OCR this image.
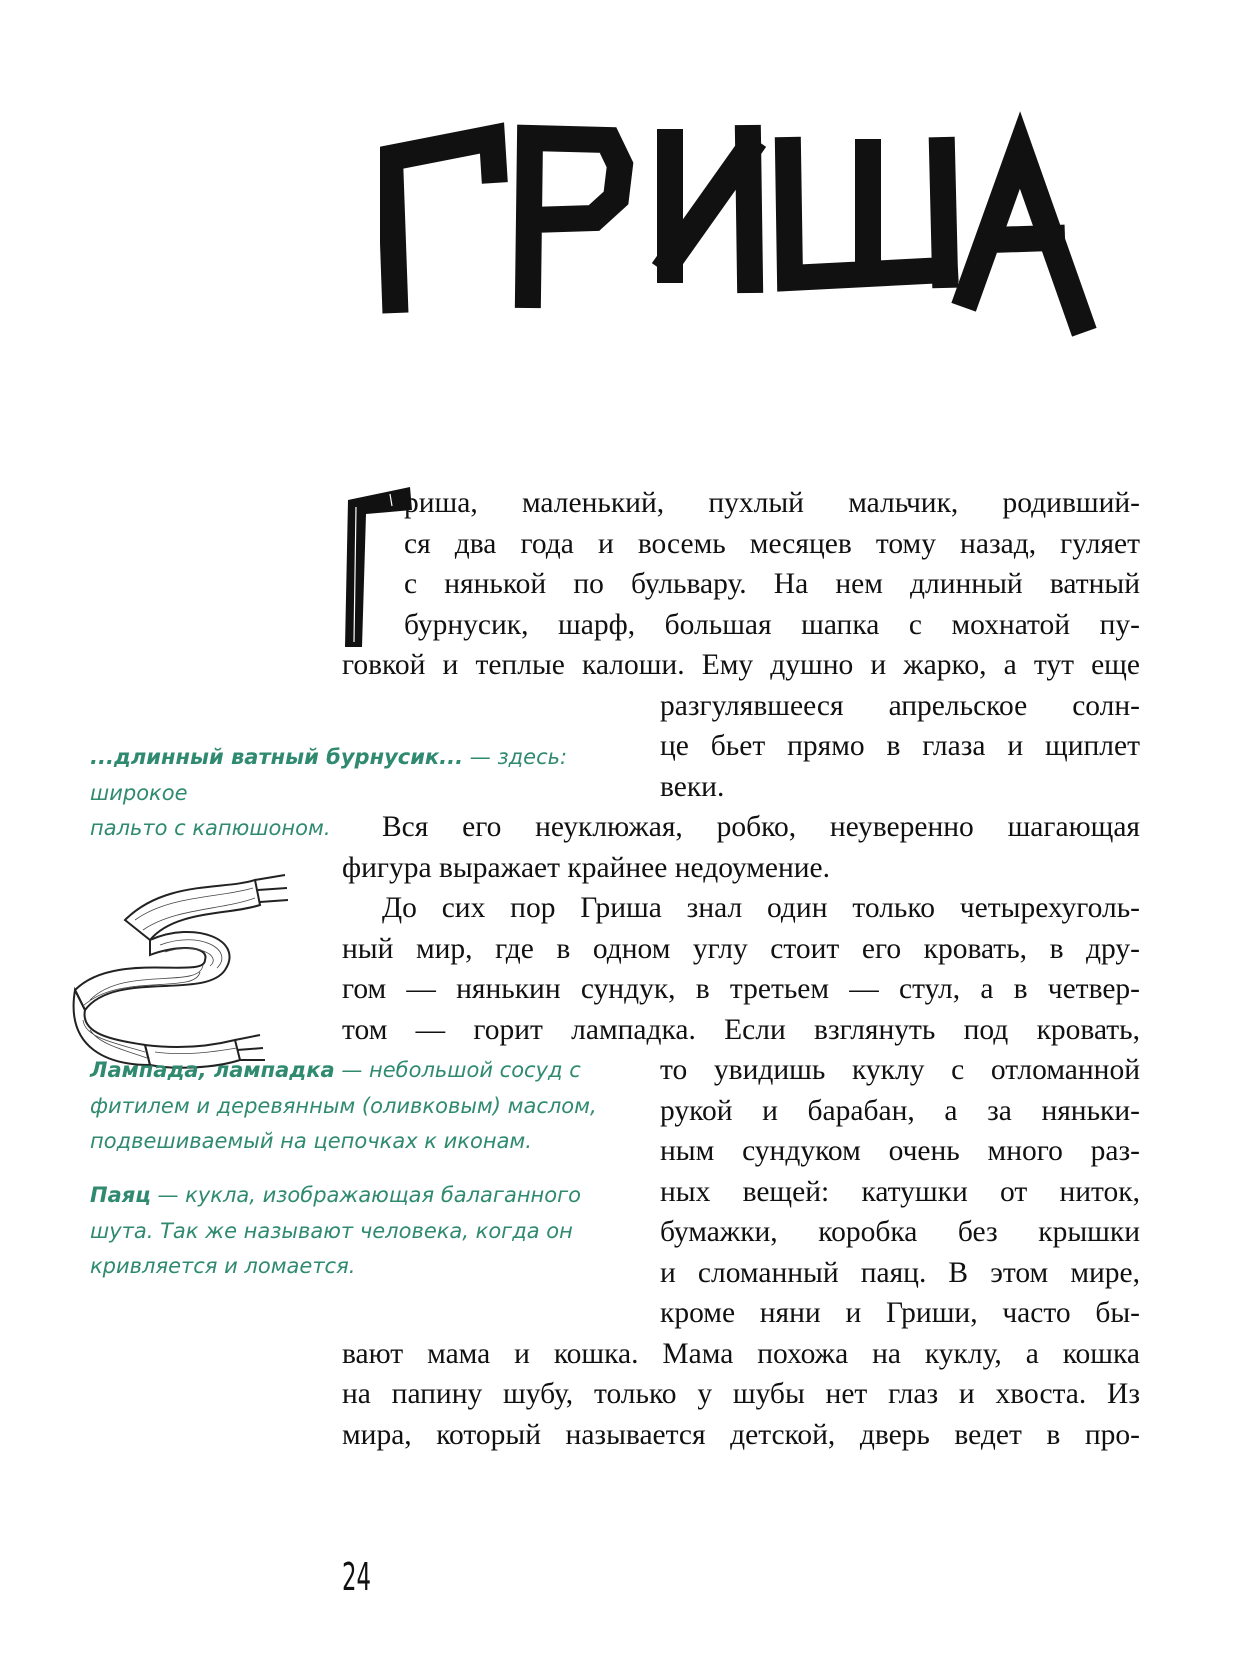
риша, маленький, пухлый мальчик, родивший-
ся два года и восемь месяцев тому назад, гуляет
с нянькой по бульвару. На нем длинный ватный
бурнусик, шарф, большая шапка с мохнатой пу-
говкой и теплые калоши. Ему душно и жарко, а тут еще
разгулявшееся апрельское солн-
це бьет прямо в глаза и щиплет
веки.
Вся его неуклюжая, робко, неуверенно шагающая
фигура выражает крайнее недоумение.
До сих пор Гриша знал один только четырехуголь-
ный мир, где в одном углу стоит его кровать, в дру-
гом — нянькин сундук, в третьем — стул, а в четвер-
том — горит лампадка. Если взглянуть под кровать,
то увидишь куклу с отломанной
рукой и барабан, а за няньки-
ным сундуком очень много раз-
ных вещей: катушки от ниток,
бумажки, коробка без крышки
и сломанный паяц. В этом мире,
кроме няни и Гриши, часто бы-
вают мама и кошка. Мама похожа на куклу, а кошка
на папину шубу, только у шубы нет глаз и хвоста. Из
мира, который называется детской, дверь ведет в про-
...длинный ватный бурнусик... — здесь: широкое
пальто с капюшоном.
Лампада, лампадка — небольшой сосуд с
фитилем и деревянным (оливковым) маслом,
подвешиваемый на цепочках к иконам.
Паяц — кукла, изображающая балаганного
шута. Так же называют человека, когда он
кривляется и ломается.
24
